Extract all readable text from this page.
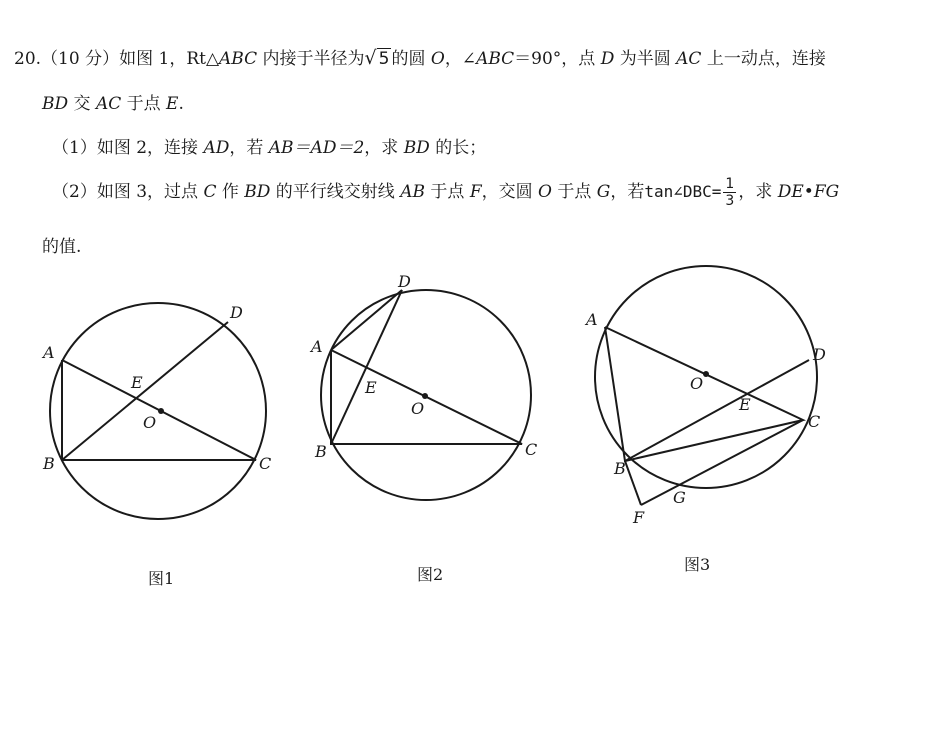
20.（10 分）如图 1，Rt△ABC 内接于半径为√ 5 的圆 O，∠ABC＝90°，点 D 为半圆 AC 上一动点，连接
BD 交 AC 于点 E.
（1）如图 2，连接 AD，若 AB＝AD＝2，求 BD 的长；
（2）如图 3，过点 C 作 BD 的平行线交射线 AB 于点 F，交圆 O 于点 G，若tan∠DBC= $\frac{1}{3}$ ，求 DE•FG
的值.
A
B	C
D
E
O
A
B	C
D
E
O
A
B
C
D
E
O
F
G
图1	图2
图3
